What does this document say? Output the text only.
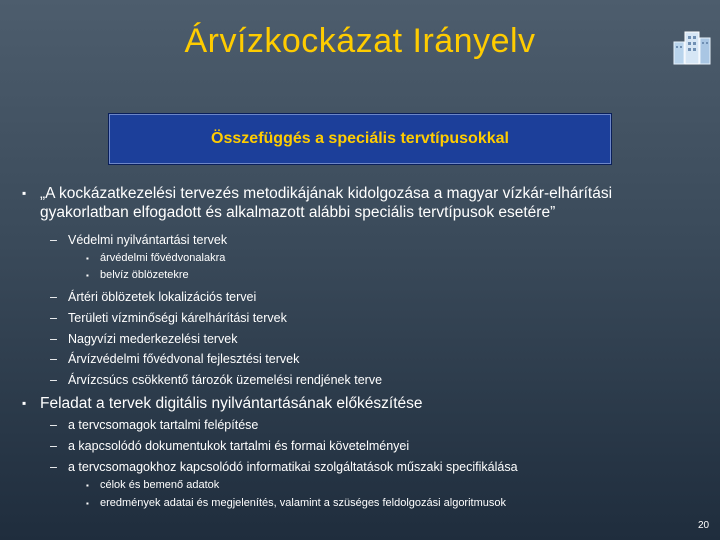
Árvízkockázat Irányelv
Összefüggés a speciális tervtípusokkal
▪ „A kockázatkezelési tervezés metodikájának kidolgozása a magyar vízkár-elhárítási
gyakorlatban elfogadott és alkalmazott alábbi speciális tervtípusok esetére”
– Védelmi nyilvántartási tervek
▪ árvédelmi fővédvonalakra
▪ belvíz öblözetekre
– Ártéri öblözetek lokalizációs tervei
– Területi vízminőségi kárelhárítási tervek
– Nagyvízi mederkezelési tervek
– Árvízvédelmi fővédvonal fejlesztési tervek
– Árvízcsúcs csökkentő tározók üzemelési rendjének terve
▪ Feladat a tervek digitális nyilvántartásának előkészítése
– a tervcsomagok tartalmi felépítése
– a kapcsolódó dokumentukok tartalmi és formai követelményei
– a tervcsomagokhoz kapcsolódó informatikai szolgáltatások műszaki specifikálása
▪ célok és bemenő adatok
▪ eredmények adatai és megjelenítés, valamint a szüséges feldolgozási algoritmusok
20
